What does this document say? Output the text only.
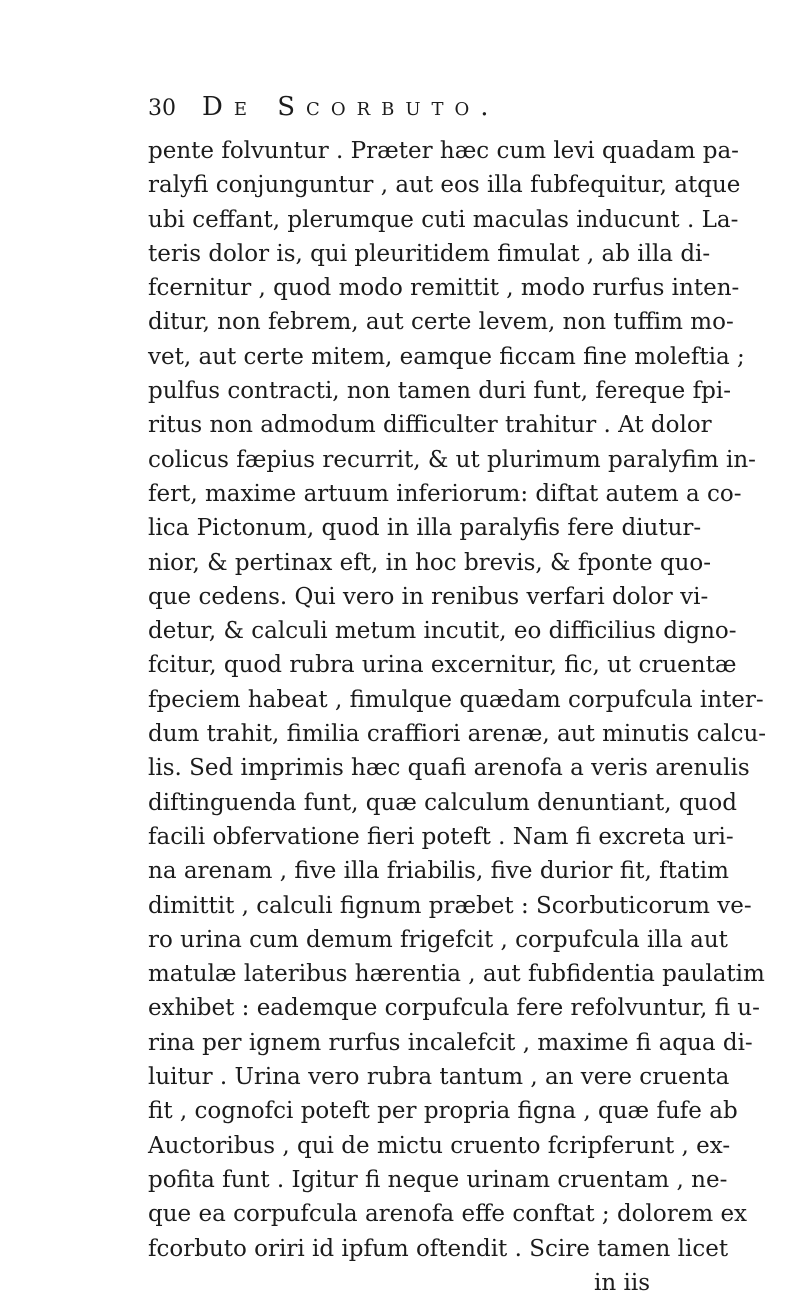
30 De Scorbuto.
pente folvuntur . Præter hæc cum levi quadam pa-
ralyfi conjunguntur , aut eos illa fubfequitur, atque
ubi ceffant, plerumque cuti maculas inducunt . La-
teris dolor is, qui pleuritidem fimulat , ab illa di-
fcernitur , quod modo remittit , modo rurfus inten-
ditur, non febrem, aut certe levem, non tuffim mo-
vet, aut certe mitem, eamque ficcam fine moleftia ;
pulfus contracti, non tamen duri funt, fereque fpi-
ritus non admodum difficulter trahitur . At dolor
colicus fæpius recurrit, & ut plurimum paralyfim in-
fert, maxime artuum inferiorum: diftat autem a co-
lica Pictonum, quod in illa paralyfis fere diutur-
nior, & pertinax eft, in hoc brevis, & fponte quo-
que cedens. Qui vero in renibus verfari dolor vi-
detur, & calculi metum incutit, eo difficilius digno-
fcitur, quod rubra urina excernitur, fic, ut cruentæ
fpeciem habeat , fimulque quædam corpufcula inter-
dum trahit, fimilia craffiori arenæ, aut minutis calcu-
lis. Sed imprimis hæc quafi arenofa a veris arenulis
diftinguenda funt, quæ calculum denuntiant, quod
facili obfervatione fieri poteft . Nam fi excreta uri-
na arenam , five illa friabilis, five durior fit, ftatim
dimittit , calculi fignum præbet : Scorbuticorum ve-
ro urina cum demum frigefcit , corpufcula illa aut
matulæ lateribus hærentia , aut fubfidentia paulatim
exhibet : eademque corpufcula fere refolvuntur, fi u-
rina per ignem rurfus incalefcit , maxime fi aqua di-
luitur . Urina vero rubra tantum , an vere cruenta
fit , cognofci poteft per propria figna , quæ fufe ab
Auctoribus , qui de mictu cruento fcripferunt , ex-
pofita funt . Igitur fi neque urinam cruentam , ne-
que ea corpufcula arenofa effe conftat ; dolorem ex
fcorbuto oriri id ipfum oftendit . Scire tamen licet
in iis
